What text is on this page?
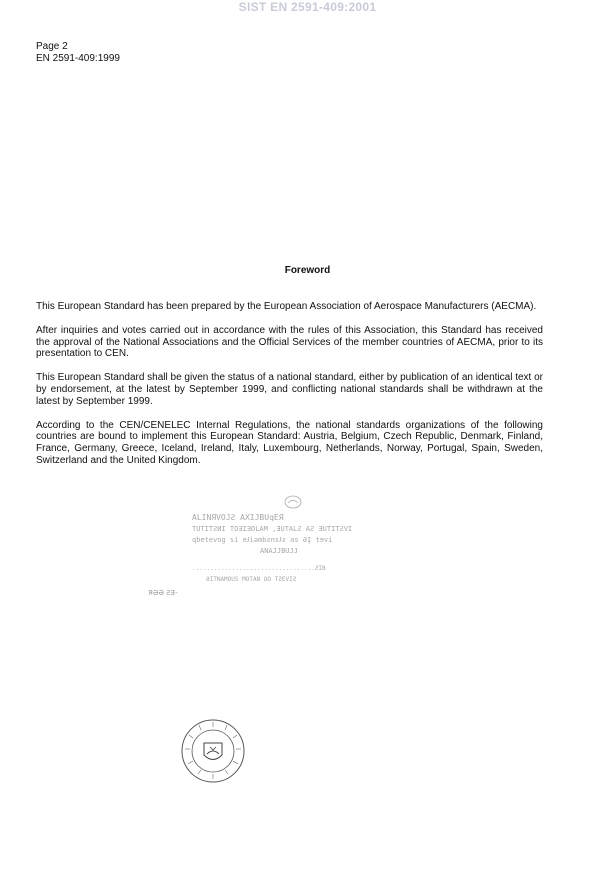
SIST EN 2591-409:2001
Page 2
EN 2591-409:1999
Foreword

This European Standard has been prepared by the European Association of Aerospace Manufacturers (AECMA).

After inquiries and votes carried out in accordance with the rules of this Association, this Standard has received the approval of the National Associations and the Official Services of the member countries of AECMA, prior to its presentation to CEN.

This European Standard shall be given the status of a national standard, either by publication of an identical text or by endorsement, at the latest by September 1999, and conflicting national standards shall be withdrawn at the latest by September 1999.

According to the CEN/CENELEC Internal Regulations, the national standards organizations of the following countries are bound to implement this European Standard: Austria, Belgium, Czech Republic, Denmark, Finland, France, Germany, Greece, Iceland, Ireland, Italy, Luxembourg, Netherlands, Norway, Portugal, Spain, Sweden, Switzerland and the United Kingdom.

ALINЯVOJƧ AXIJBUqEЯ
TUTITƧИI TOƎIƎOLAM ,ƎUTALƧ AƧ ƎUTITƧVI
qbetevog si eɈiəmbƨnsɈƨ as ƏĮ tɘvi
ANAJJBUJJ
..................................ƧIB
ƏITNAMOUS MOTAN OO TƧEVIƧ
ЯƏƏ ƧƎ-
